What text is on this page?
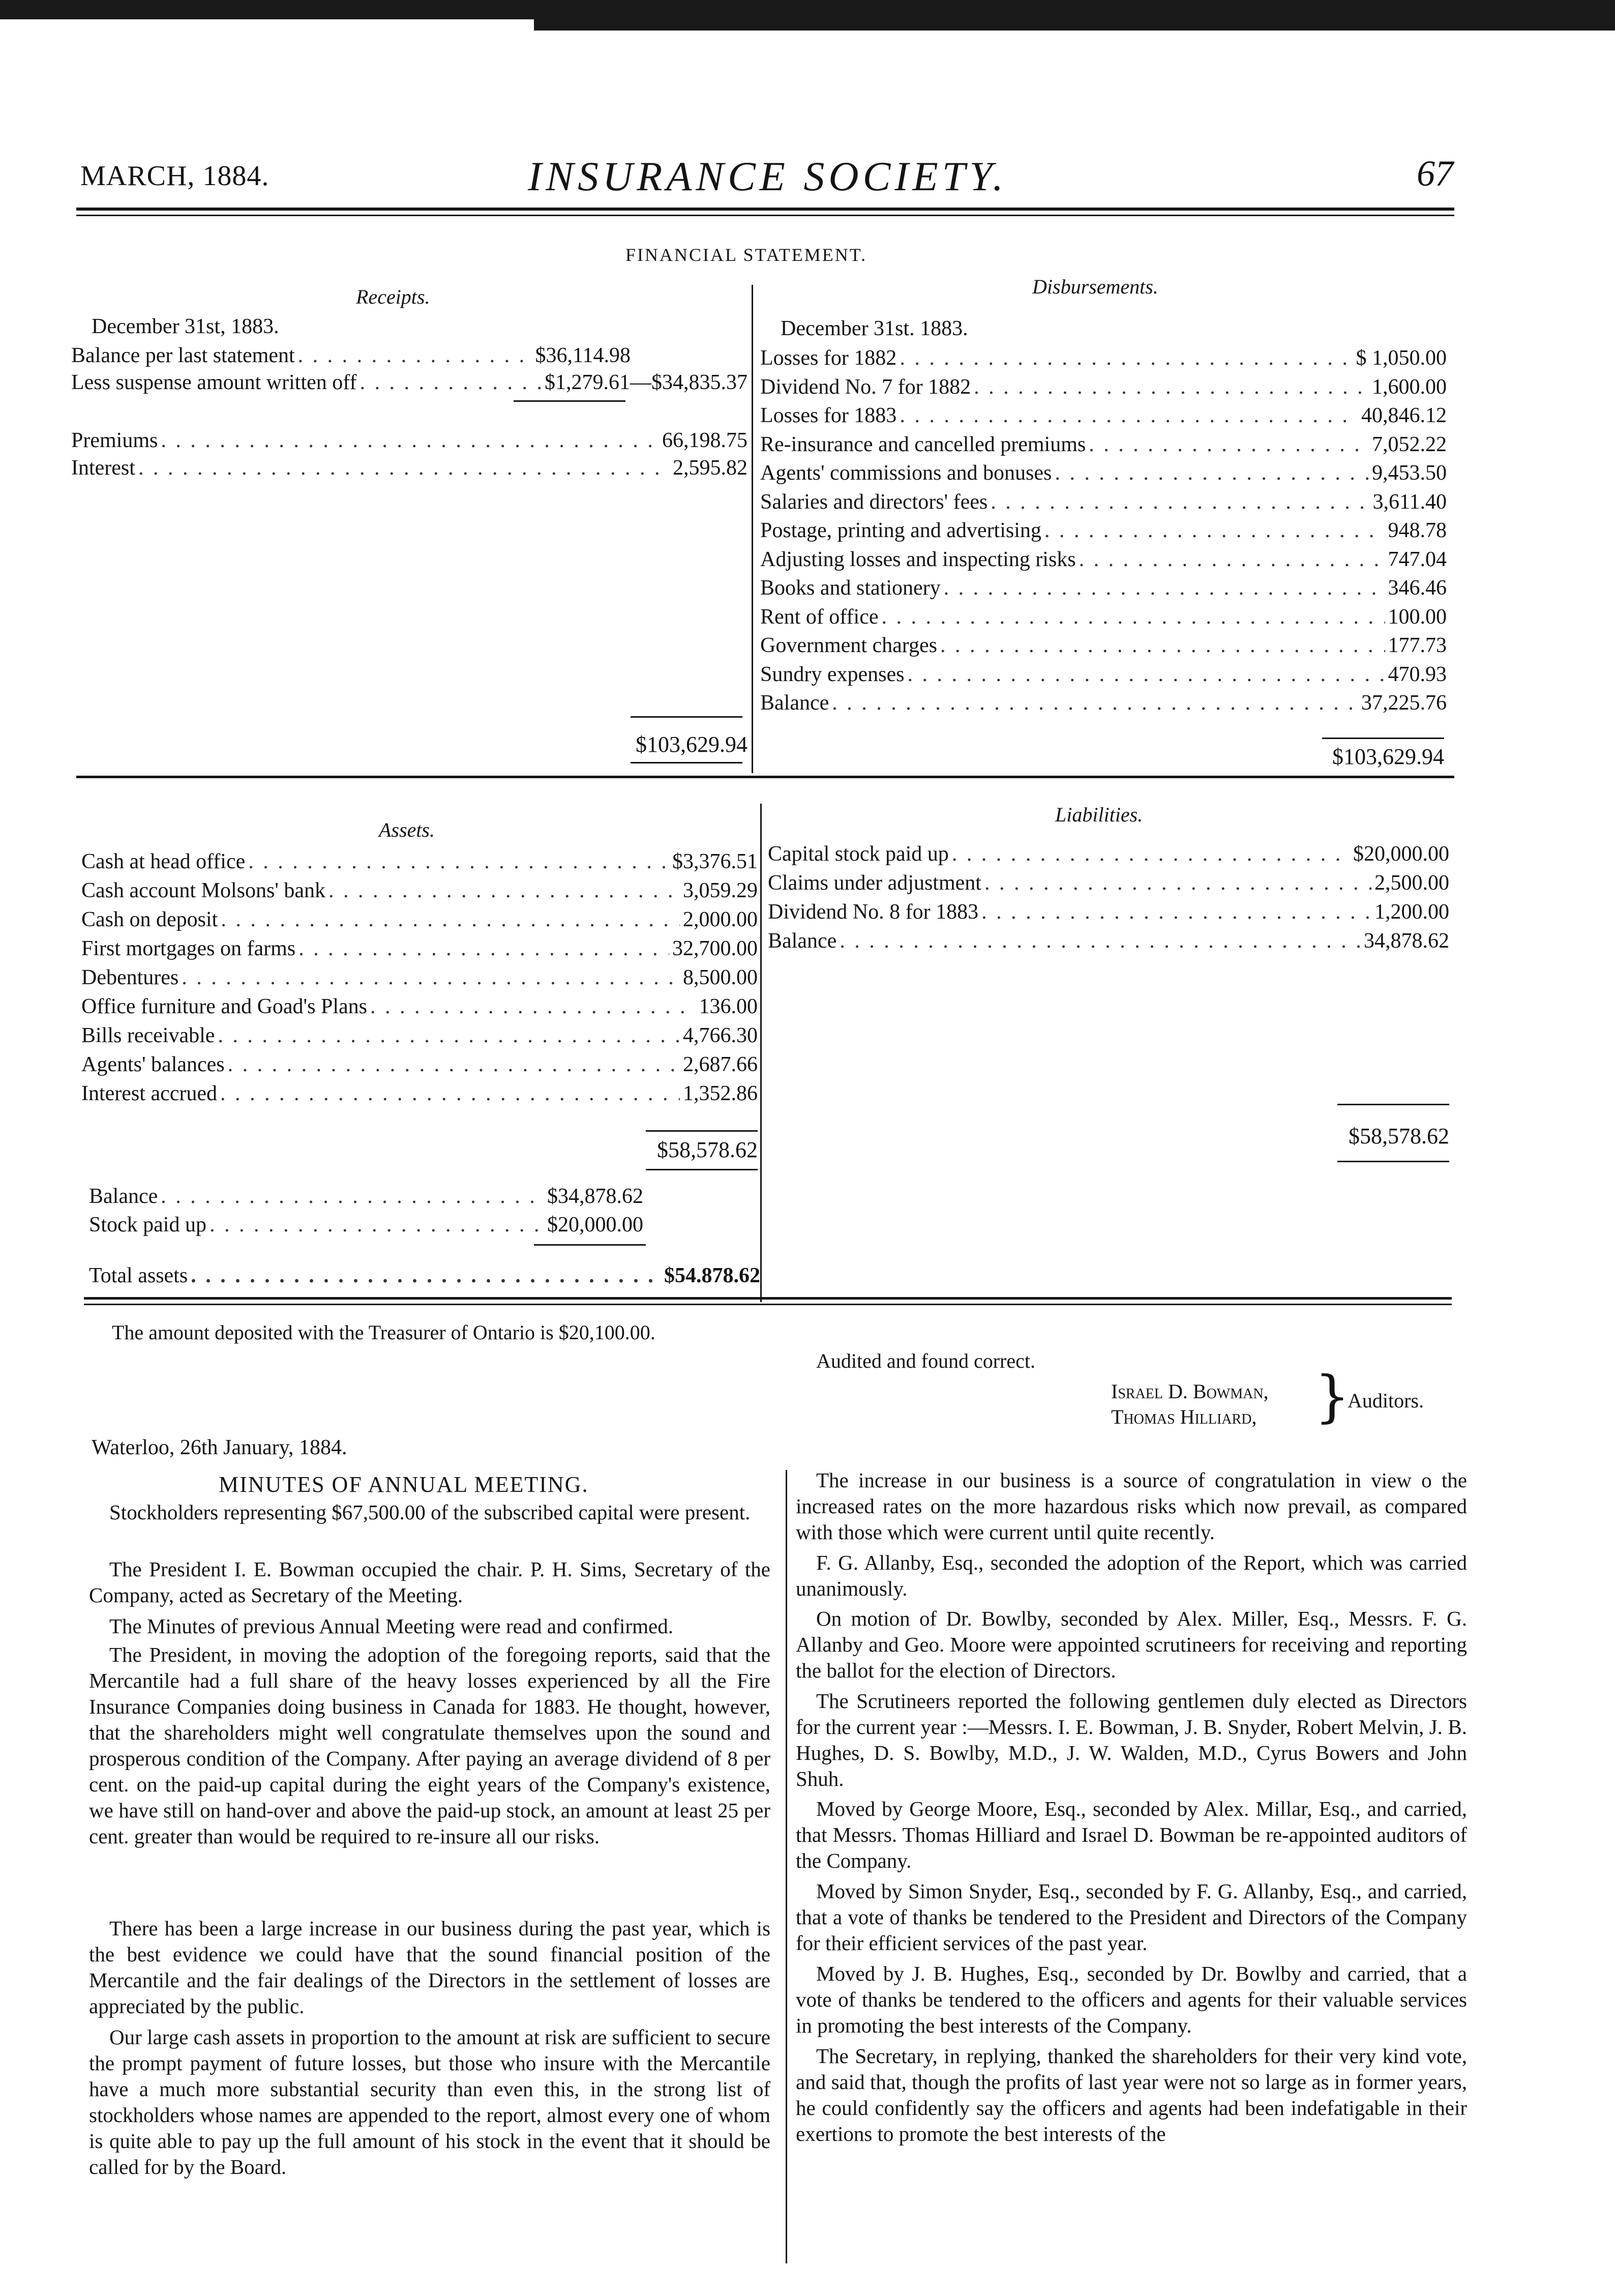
MARCH, 1884.	INSURANCE SOCIETY.	67
FINANCIAL STATEMENT.
Receipts.
December 31st, 1883.
Balance per last statement . . .	$36,114.98
Less suspense amount written off . . .	$1,279.61—$34,835.37
Premiums . . .	66,198.75
Interest . . .	2,595.82
$103,629.94
Disbursements.
December 31st. 1883.
Losses for 1882 . . .	$ 1,050.00
Dividend No. 7 for 1882 . . .	1,600.00
Losses for 1883 . . .	40,846.12
Re-insurance and cancelled premiums . . .	7,052.22
Agents' commissions and bonuses . . .	9,453.50
Salaries and directors' fees . . .	3,611.40
Postage, printing and advertising . . .	948.78
Adjusting losses and inspecting risks . . .	747.04
Books and stationery . . .	346.46
Rent of office . . .	100.00
Government charges . . .	177.73
Sundry expenses . . .	470.93
Balance . . .	37,225.76
$103,629.94
Assets.
Cash at head office . . .	$3,376.51
Cash account Molsons' bank . . .	3,059.29
Cash on deposit . . .	2,000.00
First mortgages on farms . . .	32,700.00
Debentures . . .	8,500.00
Office furniture and Goad's Plans . . .	136.00
Bills receivable . . .	4,766.30
Agents' balances . . .	2,687.66
Interest accrued . . .	1,352.86
$58,578.62
Balance . . .	$34,878.62
Stock paid up . . .	$20,000.00
Total assets . . .	$54.878.62
Liabilities.
Capital stock paid up . . .	$20,000.00
Claims under adjustment . . .	2,500.00
Dividend No. 8 for 1883 . . .	1,200.00
Balance . . .	34,878.62
$58,578.62
The amount deposited with the Treasurer of Ontario is $20,100.00.
Audited and found correct.
Israel D. Bowman,
Thomas Hilliard, }
Auditors.
Waterloo, 26th January, 1884.
MINUTES OF ANNUAL MEETING.
Stockholders representing $67,500.00 of the subscribed capital were present.
The President I. E. Bowman occupied the chair. P. H. Sims, Secretary of the Company, acted as Secretary of the Meeting.
The Minutes of previous Annual Meeting were read and confirmed.
The President, in moving the adoption of the foregoing reports, said that the Mercantile had a full share of the heavy losses experienced by all the Fire Insurance Companies doing business in Canada for 1883. He thought, however, that the shareholders might well congratulate themselves upon the sound and prosperous condition of the Company. After paying an average dividend of 8 per cent. on the paid-up capital during the eight years of the Company's existence, we have still on hand-over and above the paid-up stock, an amount at least 25 per cent. greater than would be required to re-insure all our risks.
There has been a large increase in our business during the past year, which is the best evidence we could have that the sound financial position of the Mercantile and the fair dealings of the Directors in the settlement of losses are appreciated by the public.
Our large cash assets in proportion to the amount at risk are sufficient to secure the prompt payment of future losses, but those who insure with the Mercantile have a much more substantial security than even this, in the strong list of stockholders whose names are appended to the report, almost every one of whom is quite able to pay up the full amount of his stock in the event that it should be called for by the Board.
The increase in our business is a source of congratulation in view o the increased rates on the more hazardous risks which now prevail, as compared with those which were current until quite recently.
F. G. Allanby, Esq., seconded the adoption of the Report, which was carried unanimously.
On motion of Dr. Bowlby, seconded by Alex. Miller, Esq., Messrs. F. G. Allanby and Geo. Moore were appointed scrutineers for receiving and reporting the ballot for the election of Directors.
The Scrutineers reported the following gentlemen duly elected as Directors for the current year :—Messrs. I. E. Bowman, J. B. Snyder, Robert Melvin, J. B. Hughes, D. S. Bowlby, M.D., J. W. Walden, M.D., Cyrus Bowers and John Shuh.
Moved by George Moore, Esq., seconded by Alex. Millar, Esq., and carried, that Messrs. Thomas Hilliard and Israel D. Bowman be re-appointed auditors of the Company.
Moved by Simon Snyder, Esq., seconded by F. G. Allanby, Esq., and carried, that a vote of thanks be tendered to the President and Directors of the Company for their efficient services of the past year.
Moved by J. B. Hughes, Esq., seconded by Dr. Bowlby and carried, that a vote of thanks be tendered to the officers and agents for their valuable services in promoting the best interests of the Company.
The Secretary, in replying, thanked the shareholders for their very kind vote, and said that, though the profits of last year were not so large as in former years, he could confidently say the officers and agents had been indefatigable in their exertions to promote the best interests of the
